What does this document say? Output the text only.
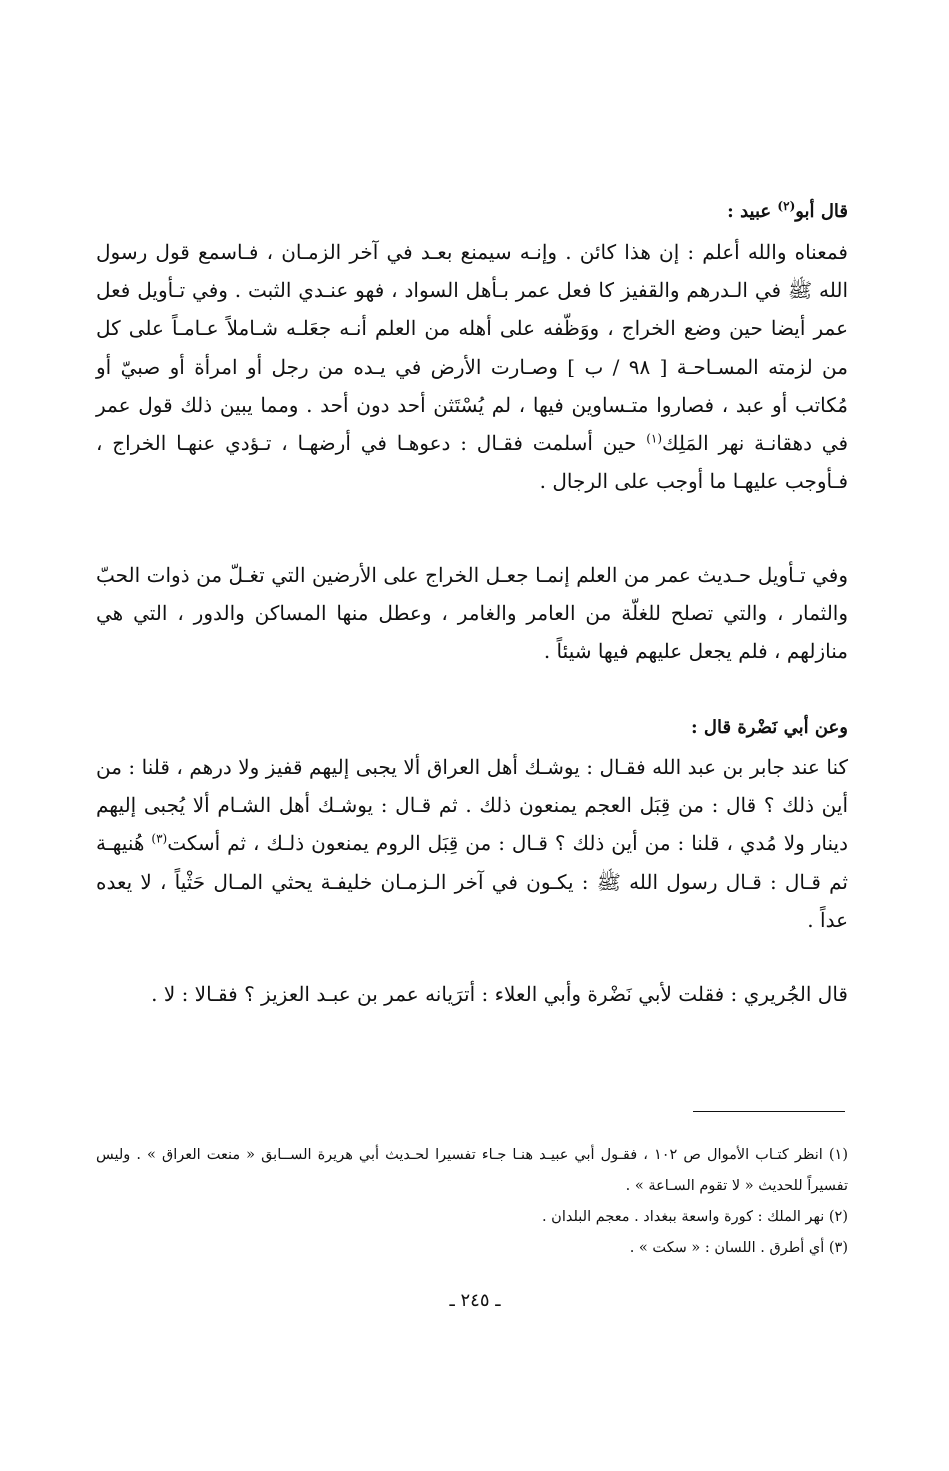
قال أبو$^{(٢)}$ عبيد :

فمعناه والله أعلم : إن هذا كائن . وإنـه سيمنع بعـد في آخر الزمـان ، فـاسمع قول رسول الله ﷺ في الـدرهم والقفيز كا فعل عمر بـأهل السواد ، فهو عنـدي الثبت . وفي تـأويل فعل عمر أيضا حين وضع الخراج ، ووَظّفه على أهله من العلم أنـه جعَلـه شـاملاً عـامـاً على كل من لزمته المسـاحـة [ ٩٨ / ب ] وصـارت الأرض في يـده من رجل أو امرأة أو صبيّ أو مُكاتب أو عبد ، فصاروا متـساوين فيها ، لم يُسْتَثن أحد دون أحد . ومما يبين ذلك قول عمر في دهقانـة نهر المَلِك$^{(١)}$ حين أسلمت فقـال : دعوهـا في أرضهـا ، تـؤدي عنهـا الخراج ، فـأوجب عليهـا ما أوجب على الرجال .

وفي تـأويل حـديث عمر من العلم إنمـا جعـل الخراج على الأرضين التي تغـلّ من ذوات الحبّ والثمار ، والتي تصلح للغلّة من العامر والغامر ، وعطل منها المساكن والدور ، التي هي منازلهم ، فلم يجعل عليهم فيها شيئاً .

وعن أبي نَضْرة قال :

كنا عند جابر بن عبد الله فقـال : يوشـك أهل العراق ألا يجبى إليهم قفيز ولا درهم ، قلنا : من أين ذلك ؟ قال : من قِبَل العجم يمنعون ذلك . ثم قـال : يوشـك أهل الشـام ألا يُجبى إليهم دينار ولا مُدي ، قلنا : من أين ذلك ؟ قـال : من قِبَل الروم يمنعون ذلـك ، ثم أسكت$^{(٣)}$ هُنيهـة ثم قـال : قـال رسول الله ﷺ : يكـون في آخر الـزمـان خليفـة يحثي المـال حَثْياً ، لا يعده عداً .

قال الجُريري : فقلت لأبي نَضْرة وأبي العلاء : أترَيانه عمر بن عبـد العزيز ؟ فقـالا : لا .

(١) انظر كتـاب الأموال ص ١٠٢ ، فقـول أبي عبيـد هنـا جـاء تفسيرا لحـديث أبي هريرة الســابق « منعت العراق » . وليس تفسيراً للحديث « لا تقوم السـاعة » .

(٢) نهر الملك : كورة واسعة ببغداد . معجم البلدان .

(٣) أي أطرق . اللسان : « سكت » .

ـ ٢٤٥ ـ
